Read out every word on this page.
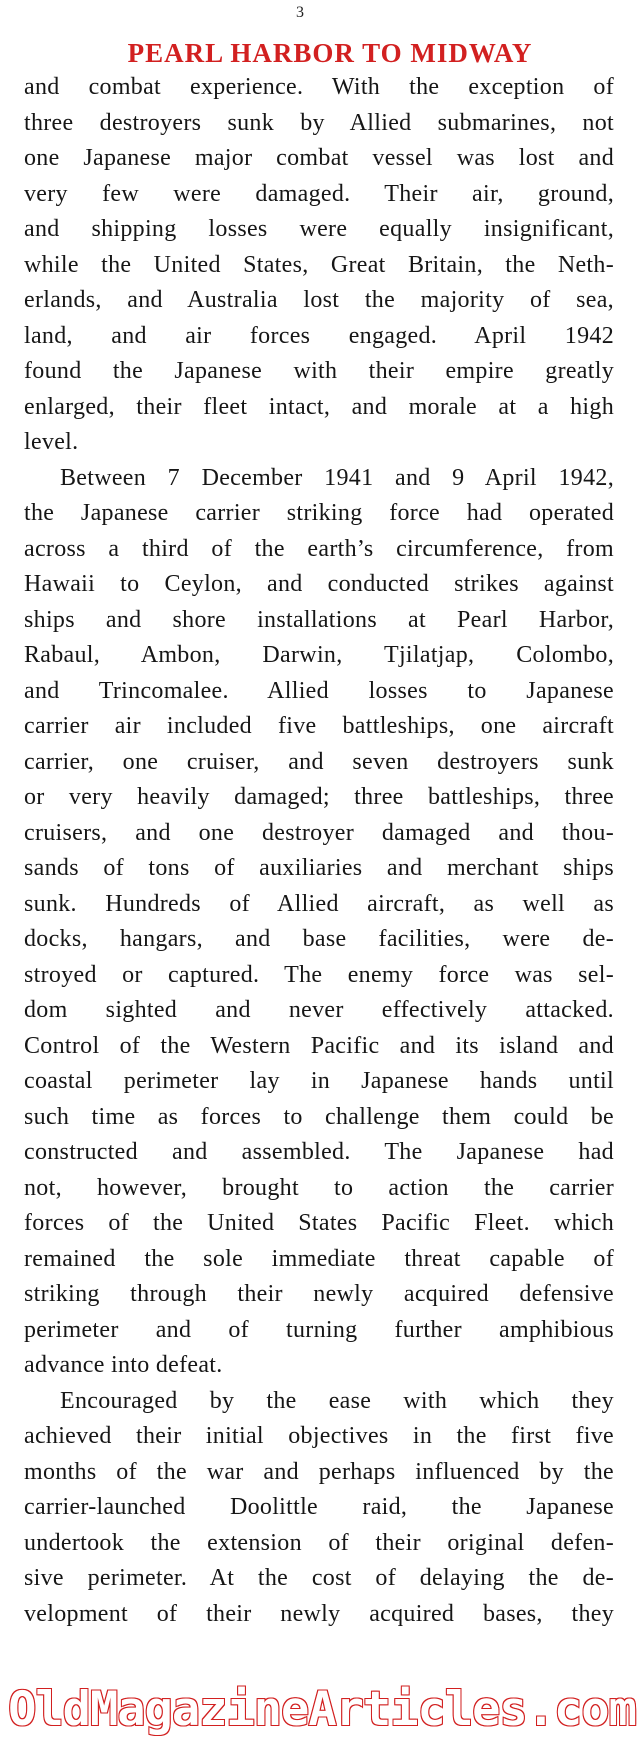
3
PEARL HARBOR TO MIDWAY
and combat experience. With the exception of
three destroyers sunk by Allied submarines, not
one Japanese major combat vessel was lost and
very few were damaged. Their air, ground,
and shipping losses were equally insignificant,
while the United States, Great Britain, the Neth-
erlands, and Australia lost the majority of sea,
land, and air forces engaged. April 1942
found the Japanese with their empire greatly
enlarged, their fleet intact, and morale at a high
level.
Between 7 December 1941 and 9 April 1942,
the Japanese carrier striking force had operated
across a third of the earth’s circumference, from
Hawaii to Ceylon, and conducted strikes against
ships and shore installations at Pearl Harbor,
Rabaul, Ambon, Darwin, Tjilatjap, Colombo,
and Trincomalee. Allied losses to Japanese
carrier air included five battleships, one aircraft
carrier, one cruiser, and seven destroyers sunk
or very heavily damaged; three battleships, three
cruisers, and one destroyer damaged and thou-
sands of tons of auxiliaries and merchant ships
sunk. Hundreds of Allied aircraft, as well as
docks, hangars, and base facilities, were de-
stroyed or captured. The enemy force was sel-
dom sighted and never effectively attacked.
Control of the Western Pacific and its island and
coastal perimeter lay in Japanese hands until
such time as forces to challenge them could be
constructed and assembled. The Japanese had
not, however, brought to action the carrier
forces of the United States Pacific Fleet. which
remained the sole immediate threat capable of
striking through their newly acquired defensive
perimeter and of turning further amphibious
advance into defeat.
Encouraged by the ease with which they
achieved their initial objectives in the first five
months of the war and perhaps influenced by the
carrier-launched Doolittle raid, the Japanese
undertook the extension of their original defen-
sive perimeter. At the cost of delaying the de-
velopment of their newly acquired bases, they
OldMagazineArticles.com
